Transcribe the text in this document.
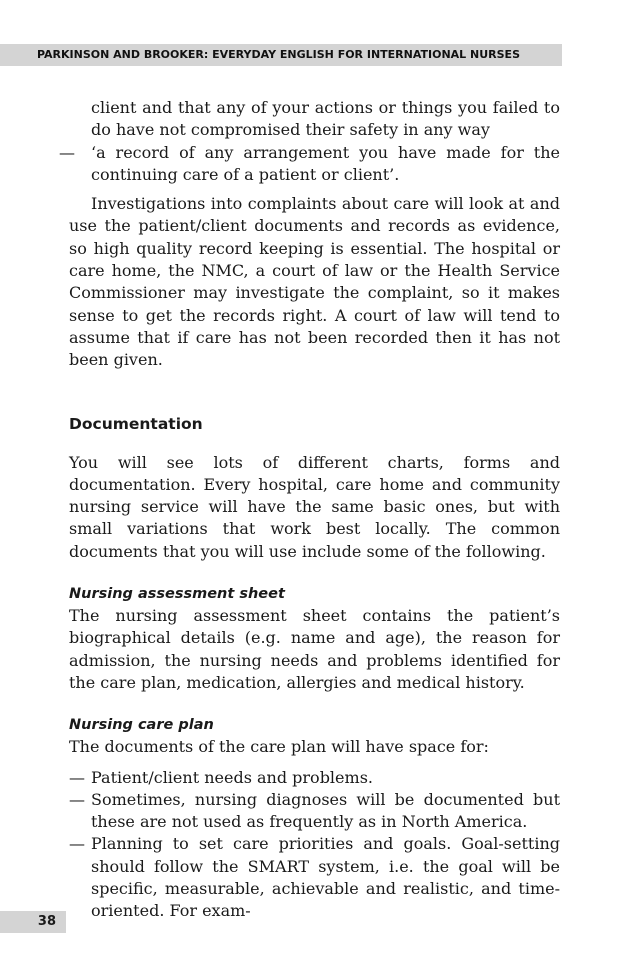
PARKINSON AND BROOKER: EVERYDAY ENGLISH FOR INTERNATIONAL NURSES

client and that any of your actions or things you failed to do have not compromised their safety in any way

— ‘a record of any arrangement you have made for the continuing care of a patient or client’.

Investigations into complaints about care will look at and use the patient/client documents and records as evidence, so high quality record keeping is essential. The hospital or care home, the NMC, a court of law or the Health Service Commissioner may investigate the complaint, so it makes sense to get the records right. A court of law will tend to assume that if care has not been recorded then it has not been given.

Documentation

You will see lots of different charts, forms and documentation. Every hospital, care home and community nursing service will have the same basic ones, but with small variations that work best locally. The common documents that you will use include some of the following.

Nursing assessment sheet

The nursing assessment sheet contains the patient’s biographical details (e.g. name and age), the reason for admission, the nursing needs and problems identified for the care plan, medication, allergies and medical history.

Nursing care plan

The documents of the care plan will have space for:

— Patient/client needs and problems.
— Sometimes, nursing diagnoses will be documented but these are not used as frequently as in North America.
— Planning to set care priorities and goals. Goal-setting should follow the SMART system, i.e. the goal will be specific, measurable, achievable and realistic, and time-oriented. For exam-
38
